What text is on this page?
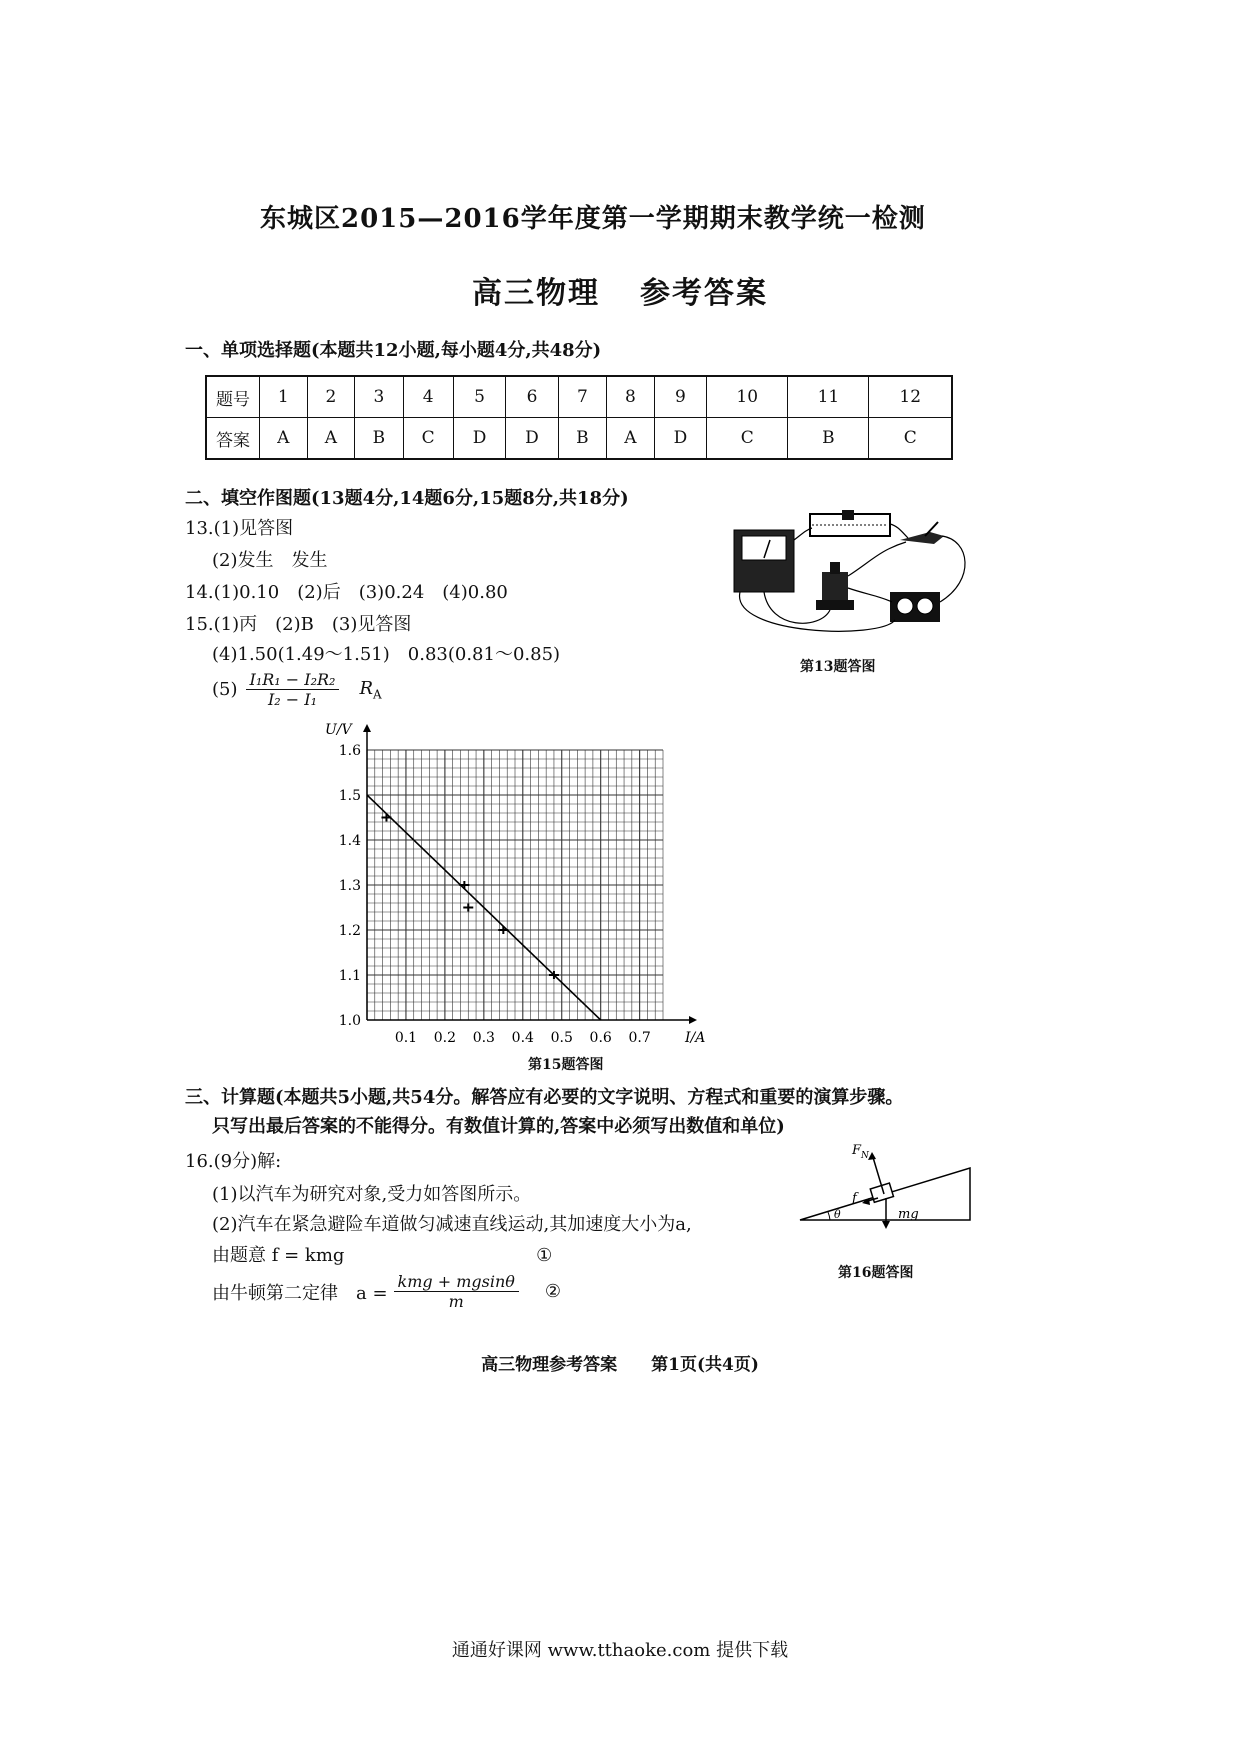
东城区2015—2016学年度第一学期期末教学统一检测
高三物理 参考答案
一、单项选择题(本题共12小题,每小题4分,共48分)
题号	1	2	3	4	5	6	7	8	9	10	11	12
答案	A	A	B	C	D	D	B	A	D	C	B	C
二、填空作图题(13题4分,14题6分,15题8分,共18分)
13.(1)见答图
(2)发生　发生
14.(1)0.10　(2)后　(3)0.24　(4)0.80
15.(1)丙　(2)B　(3)见答图
(4)1.50(1.49～1.51)　0.83(0.81～0.85)
$(5) \frac{\text{I₁R₁ − I₂R₂}}{\text{I₂ − I₁}} R_A$
第13题答图
0.1 0.2 0.3 0.4 0.5 0.6 0.7
1.0
1.1
1.2
1.3
1.4
1.5
1.6
I/A
U/V
第15题答图
三、计算题(本题共5小题,共54分。解答应有必要的文字说明、方程式和重要的演算步骤。
只写出最后答案的不能得分。有数值计算的,答案中必须写出数值和单位)
16.(9分)解:
(1)以汽车为研究对象,受力如答图所示。
(2)汽车在紧急避险车道做匀减速直线运动,其加速度大小为a,
由题意 f = kmg	①
由牛顿第二定律　$a = \frac{\text{kmg + mgsinθ}}{m}$ ②
$F_N$
f
mg
θ
第16题答图
高三物理参考答案 第1页(共4页)
通通好课网 www.tthaoke.com 提供下载
